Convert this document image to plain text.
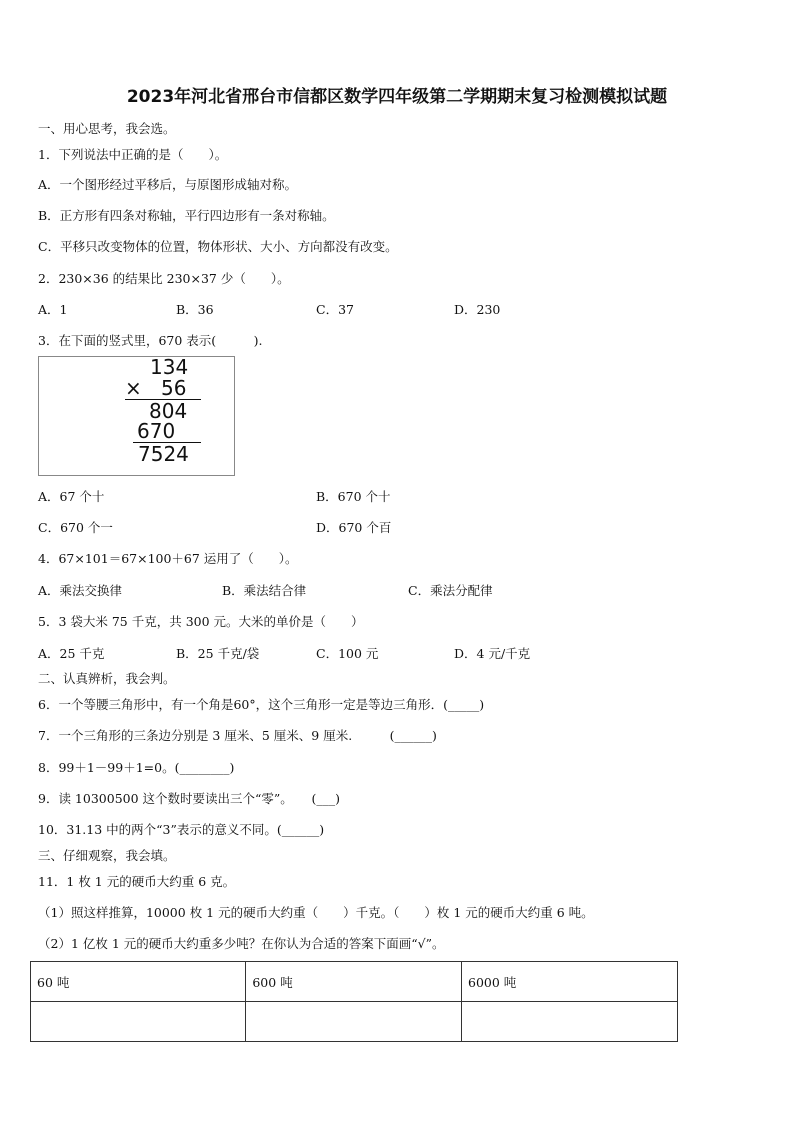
2023年河北省邢台市信都区数学四年级第二学期期末复习检测模拟试题
一、用心思考，我会选。
1．下列说法中正确的是（　　）。
A．一个图形经过平移后，与原图形成轴对称。
B．正方形有四条对称轴，平行四边形有一条对称轴。
C．平移只改变物体的位置，物体形状、大小、方向都没有改变。
2．230×36 的结果比 230×37 少（　　）。
A．1	B．36	C．37	D．230
3．在下面的竖式里，670 表示(　　　).
134
× 56
804
670
7524
A．67 个十	B．670 个十
C．670 个一	D．670 个百
4．67×101＝67×100＋67 运用了（　　）。
A．乘法交换律	B．乘法结合律	C．乘法分配律
5．3 袋大米 75 千克，共 300 元。大米的单价是（　　）
A．25 千克	B．25 千克/袋	C．100 元	D．4 元/千克
二、认真辨析，我会判。
6．一个等腰三角形中，有一个角是60°，这个三角形一定是等边三角形．(_____)
7．一个三角形的三条边分别是 3 厘米、5 厘米、9 厘米.　　　(______)
8．99＋1－99＋1=0。(________)
9．读 10300500 这个数时要读出三个“零”。　　(___)
10．31.13 中的两个“3”表示的意义不同。(______)
三、仔细观察，我会填。
11．1 枚 1 元的硬币大约重 6 克。
（1）照这样推算，10000 枚 1 元的硬币大约重（　　）千克。（　　）枚 1 元的硬币大约重 6 吨。
（2）1 亿枚 1 元的硬币大约重多少吨？在你认为合适的答案下面画“√”。
60 吨	600 吨	6000 吨
